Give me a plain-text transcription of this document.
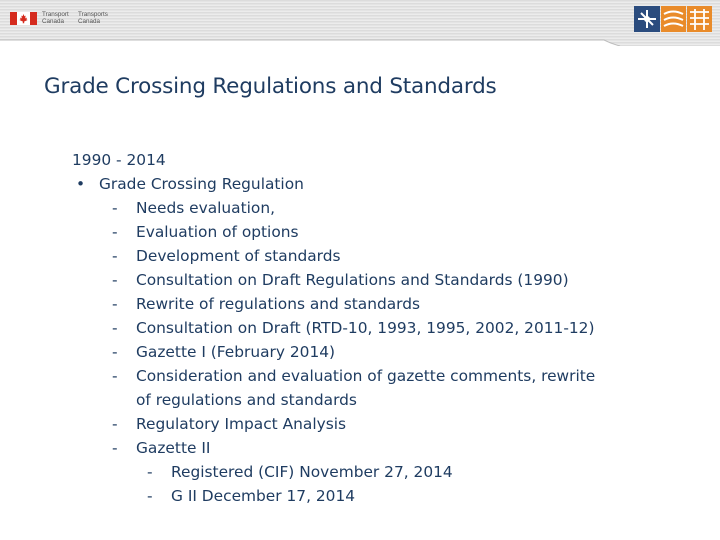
Transport
Canada
Transports
Canada
Grade Crossing Regulations and Standards
1990 - 2014
• Grade Crossing Regulation
- Needs evaluation,
- Evaluation of options
- Development of standards
- Consultation on Draft Regulations and Standards (1990)
- Rewrite of regulations and standards
- Consultation on Draft (RTD-10, 1993, 1995, 2002, 2011-12)
- Gazette I (February 2014)
- Consideration and evaluation of gazette comments, rewrite
of regulations and standards
- Regulatory Impact Analysis
- Gazette II
- Registered (CIF) November 27, 2014
- G II December 17, 2014
